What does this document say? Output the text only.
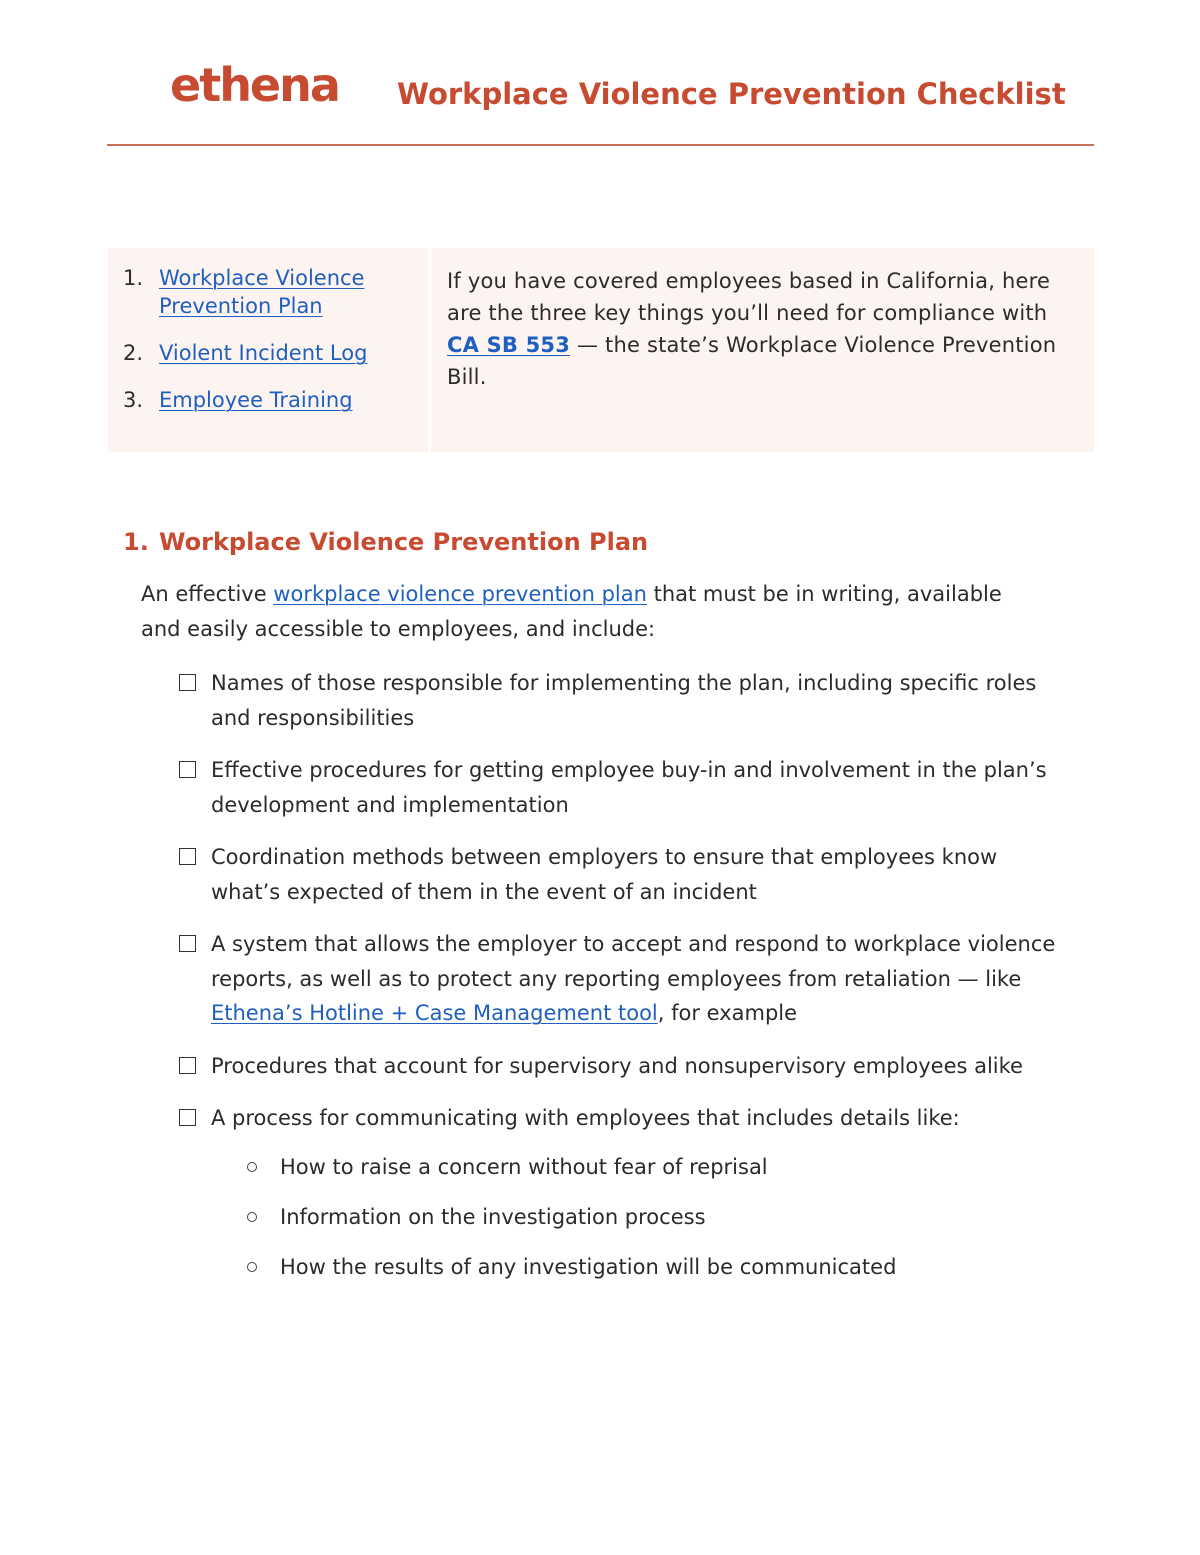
ethena Workplace Violence Prevention Checklist
1. Workplace Violence Prevention Plan
2. Violent Incident Log
3. Employee Training
If you have covered employees based in California, here are the three key things you’ll need for compliance with CA SB 553 — the state’s Workplace Violence Prevention Bill.
1. Workplace Violence Prevention Plan
An effective workplace violence prevention plan that must be in writing, available and easily accessible to employees, and include:
Names of those responsible for implementing the plan, including specific roles and responsibilities
Effective procedures for getting employee buy-in and involvement in the plan’s development and implementation
Coordination methods between employers to ensure that employees know what’s expected of them in the event of an incident
A system that allows the employer to accept and respond to workplace violence reports, as well as to protect any reporting employees from retaliation — like Ethena’s Hotline + Case Management tool, for example
Procedures that account for supervisory and nonsupervisory employees alike
A process for communicating with employees that includes details like:
How to raise a concern without fear of reprisal
Information on the investigation process
How the results of any investigation will be communicated
